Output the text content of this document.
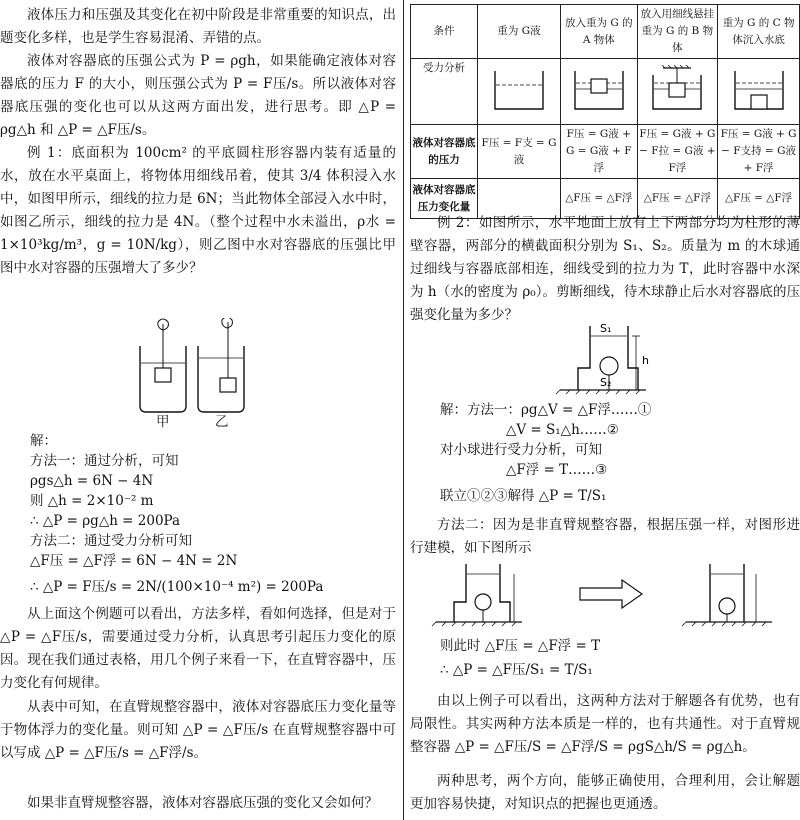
液体压力和压强及其变化在初中阶段是非常重要的知识点，出题变化多样，也是学生容易混淆、弄错的点。

液体对容器底的压强公式为 P = ρgh，如果能确定液体对容器底的压力 F 的大小，则压强公式为 P = F压/s。所以液体对容器底压强的变化也可以从这两方面出发，进行思考。即 △P = ρg△h 和 △P = △F压/s。

例 1：底面积为 100cm² 的平底圆柱形容器内装有适量的水，放在水平桌面上，将物体用细线吊着，使其 3/4 体积浸入水中，如图甲所示，细线的拉力是 6N；当此物体全部浸入水中时，如图乙所示，细线的拉力是 4N。（整个过程中水未溢出，ρ水 = 1×10³kg/m³，g = 10N/kg），则乙图中水对容器底的压强比甲图中水对容器的压强增大了多少？

甲	乙
解：
方法一：通过分析，可知
ρgs△h = 6N − 4N
则 △h = 2×10⁻² m
∴ △P = ρg△h = 200Pa
方法二：通过受力分析可知
△F压 = △F浮 = 6N − 4N = 2N
∴ △P = F压/s = 2N/(100×10⁻⁴ m²) = 200Pa

从上面这个例题可以看出，方法多样，看如何选择，但是对于 △P = △F压/s，需要通过受力分析，认真思考引起压力变化的原因。现在我们通过表格，用几个例子来看一下，在直臂容器中，压力变化有何规律。

从表中可知，在直臂规整容器中，液体对容器底压力变化量等于物体浮力的变化量。则可知 △P = △F压/s 在直臂规整容器中可以写成 △P = △F压/s = △F浮/s。

如果非直臂规整容器，液体对容器底压强的变化又会如何？

条件	重为 G液	放入重为 G 的 A 物体	放入用细线悬挂重为 G 的 B 物体	重为 G 的 C 物体沉入水底
受力分析				
液体对容器底的压力	F压 = F支 = G液	F压 = G液 + G = G液 + F浮	F压 = G液 + G − F拉 = G液 + F浮	F压 = G液 + G − F支持 = G液 + F浮
液体对容器底压力变化量		△F压 = △F浮	△F压 = △F浮	△F压 = △F浮

例 2：如图所示，水平地面上放有上下两部分均为柱形的薄壁容器，两部分的横截面积分别为 S₁、S₂。质量为 m 的木球通过细线与容器底部相连，细线受到的拉力为 T，此时容器中水深为 h（水的密度为 ρ₀）。剪断细线，待木球静止后水对容器底的压强变化量为多少？

S₁
S₂
h
解：方法一：ρg△V = △F浮……①
△V = S₁△h……②
对小球进行受力分析，可知
△F浮 = T……③
联立①②③解得 △P = T/S₁

方法二：因为是非直臂规整容器，根据压强一样，对图形进行建模，如下图所示

则此时 △F压 = △F浮 = T
∴ △P = △F压/S₁ = T/S₁

由以上例子可以看出，这两种方法对于解题各有优势，也有局限性。其实两种方法本质是一样的，也有共通性。对于直臂规整容器 △P = △F压/S = △F浮/S = ρgS△h/S = ρg△h。

两种思考，两个方向，能够正确使用，合理利用，会让解题更加容易快捷，对知识点的把握也更通透。
